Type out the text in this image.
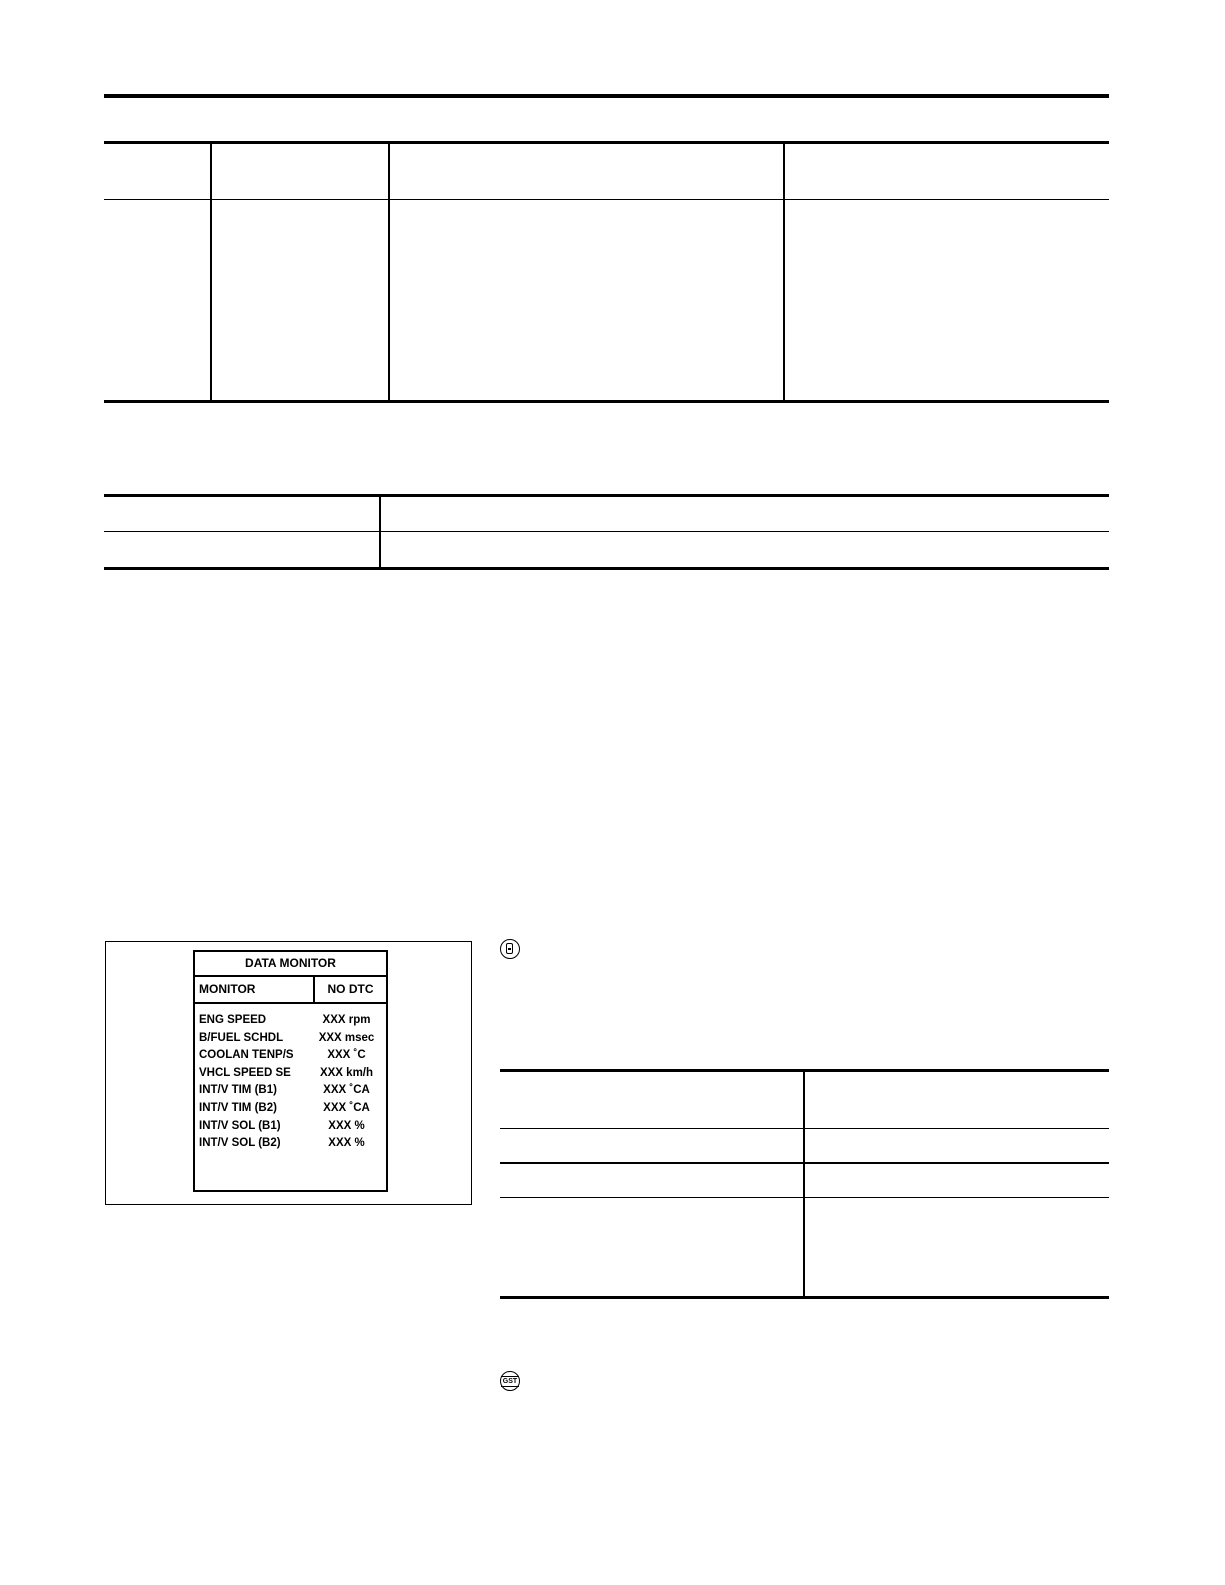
DATA MONITOR
MONITOR	NO DTC
ENG SPEED	XXX rpm
B/FUEL SCHDL	XXX msec
COOLAN TENP/S	XXX ˚C
VHCL SPEED SE	XXX km/h
INT/V TIM (B1)	XXX ˚CA
INT/V TIM (B2)	XXX ˚CA
INT/V SOL (B1)	XXX %
INT/V SOL (B2)	XXX %
GST
